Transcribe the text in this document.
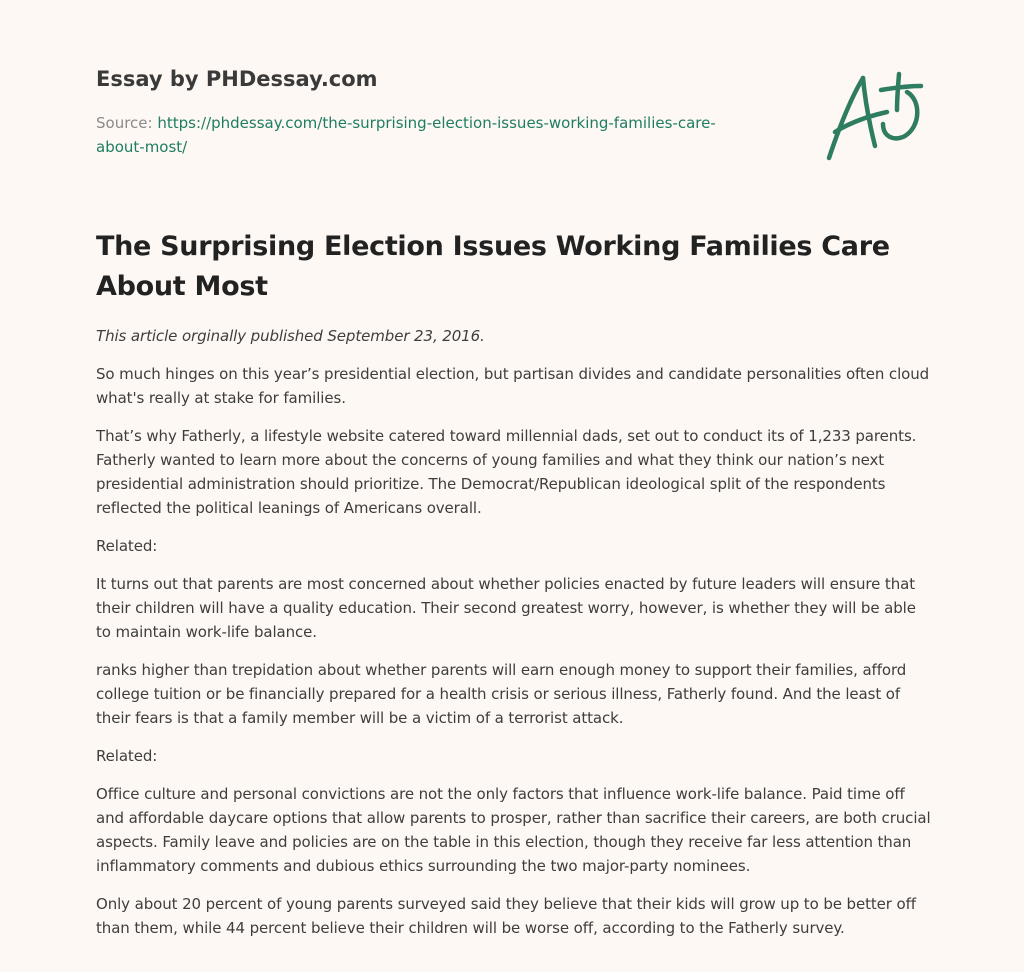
Essay by PHDessay.com

Source: https://phdessay.com/the-surprising-election-issues-working-families-care-about-most/

The Surprising Election Issues Working Families Care About Most

This article orginally published September 23, 2016.

So much hinges on this year’s presidential election, but partisan divides and candidate personalities often cloud what's really at stake for families.

That’s why Fatherly, a lifestyle website catered toward millennial dads, set out to conduct its of 1,233 parents. Fatherly wanted to learn more about the concerns of young families and what they think our nation’s next presidential administration should prioritize. The Democrat/Republican ideological split of the respondents reflected the political leanings of Americans overall.

Related:

It turns out that parents are most concerned about whether policies enacted by future leaders will ensure that their children will have a quality education. Their second greatest worry, however, is whether they will be able to maintain work-life balance.

ranks higher than trepidation about whether parents will earn enough money to support their families, afford college tuition or be financially prepared for a health crisis or serious illness, Fatherly found. And the least of their fears is that a family member will be a victim of a terrorist attack.

Related:

Office culture and personal convictions are not the only factors that influence work-life balance. Paid time off and affordable daycare options that allow parents to prosper, rather than sacrifice their careers, are both crucial aspects. Family leave and policies are on the table in this election, though they receive far less attention than inflammatory comments and dubious ethics surrounding the two major-party nominees.

Only about 20 percent of young parents surveyed said they believe that their kids will grow up to be better off than them, while 44 percent believe their children will be worse off, according to the Fatherly survey.
